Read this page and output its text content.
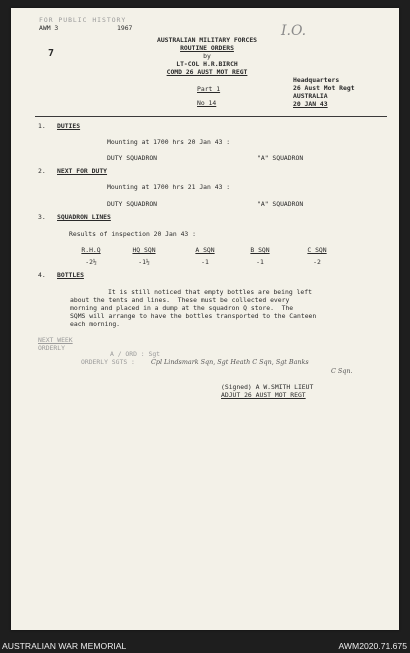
FOR PUBLIC HISTORY
AWM 3	1967
7
I.O.
AUSTRALIAN MILITARY FORCES
ROUTINE ORDERS
by
LT-COL H.R.BIRCH
COMD 26 AUST MOT REGT
Part 1
No 14
Headquarters
26 Aust Mot Regt
AUSTRALIA
20 JAN 43
1. DUTIES
Mounting at 1700 hrs 20 Jan 43 :
DUTY SQUADRON	"A" SQUADRON
2. NEXT FOR DUTY
Mounting at 1700 hrs 21 Jan 43 :
DUTY SQUADRON	"A" SQUADRON
3. SQUADRON LINES
Results of inspection 20 Jan 43 :
R.H.Q	HQ SQN	A SQN	B SQN	C SQN
-2½	-1½	-1	-1	-2
4. BOTTLES
It is still noticed that empty bottles are being left
about the tents and lines.  These must be collected every
morning and placed in a dump at the squadron Q store.  The
SQMS will arrange to have the bottles transported to the Canteen
each morning.
NEXT WEEK
ORDERLY
A / ORD : Sgt
ORDERLY SGTS :	Cpl Lindsmark Sqn, Sgt Heath C Sqn, Sgt Banks
C Sqn.
(Signed) A W.SMITH LIEUT
ADJUT 26 AUST MOT REGT
AUSTRALIAN WAR MEMORIAL	AWM2020.71.675
